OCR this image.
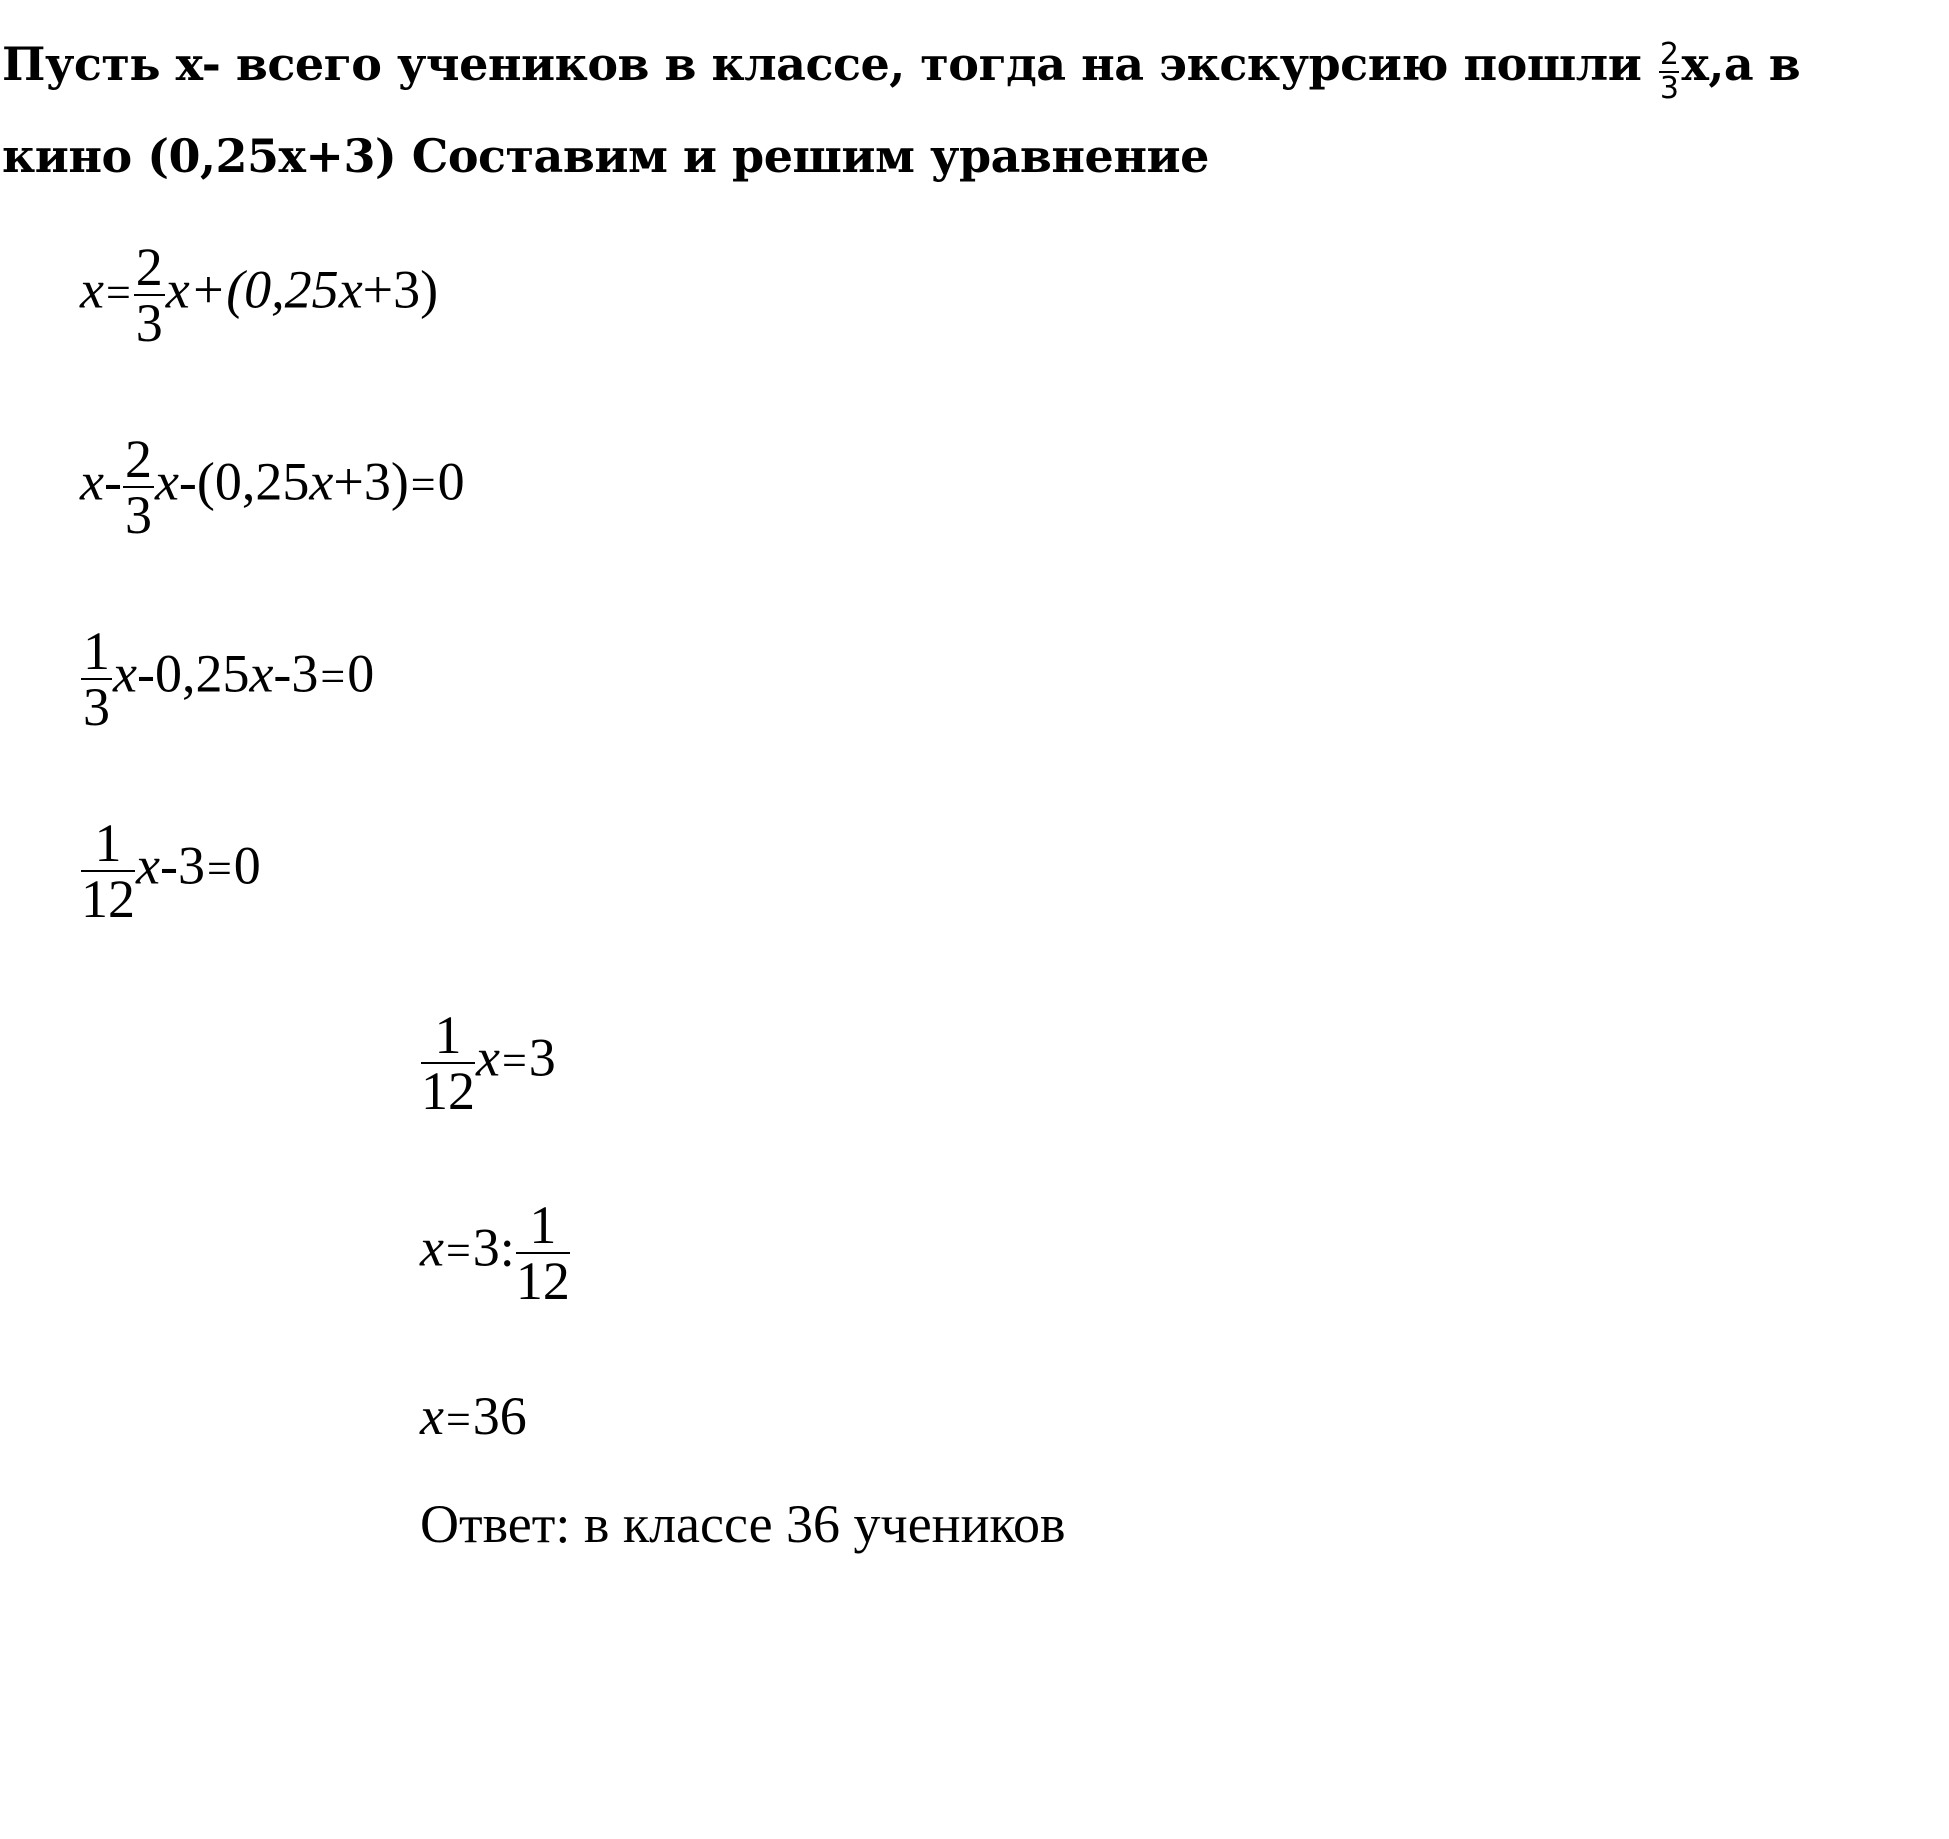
Пусть x- всего учеников в классе, тогда на экскурсию пошли $\frac{2}{3} x,а$ в
кино (0,25x+3) Составим и решим уравнение
$x= \frac{2}{3} x+(0,25x+3)$
$x- \frac{2}{3} x-(0,25x+3)=0$
$\frac{1}{3} x-0,25x-3=0$
$\frac{1}{12} x-3=0$
$\frac{1}{12} x=3$
x=3: $\frac{1}{12}$
x=36
Ответ: в классе 36 учеников
